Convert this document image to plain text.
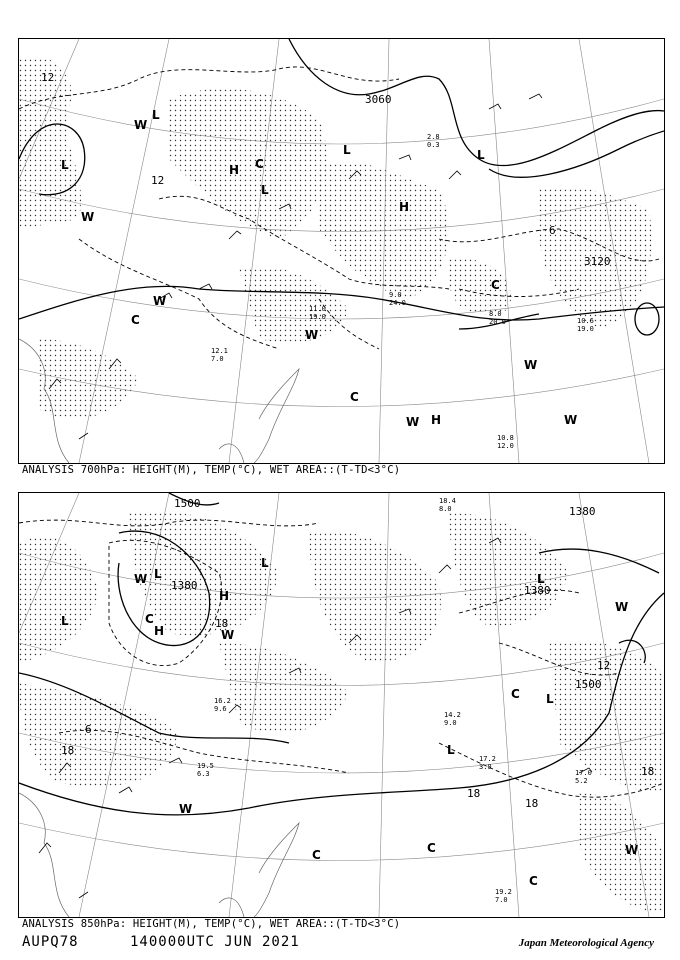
3060
3120
12
12
6
L
L
L
L	L
H
H
H
W
W
W
W
W
W	W
C
C
C
C
9.0
24.0
2.8
0.3
10.6
19.0
10.8
12.0
12.1
7.0
11.0
19.0	8.0
20.0
ANALYSIS 700hPa: HEIGHT(M), TEMP(°C), WET AREA::(T-TD<3°C)
1500
1380
1380
1380
1500
18
18
12
18
18
18
6
L
L
L
L
L
L
H
H
W
W
W
W
W
C
C
C	C
C
18.4
8.0
19.2
7.0
17.0
5.2
14.2
9.0
16.2
9.6
17.2
3.0
19.5
6.3
ANALYSIS 850hPa: HEIGHT(M), TEMP(°C), WET AREA::(T-TD<3°C)
AUPQ78	140000UTC JUN 2021	Japan Meteorological Agency
